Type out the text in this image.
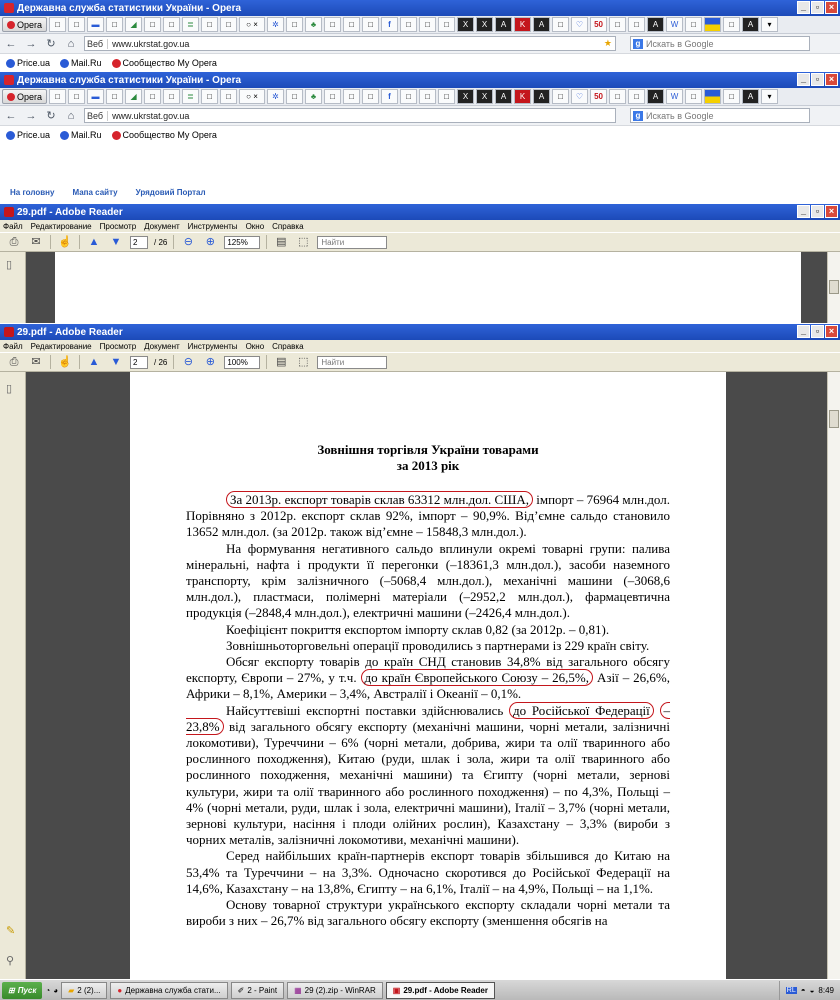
Державна служба статистики України - Opera	_	▫	×
Opera	□	□	▬	□	◢	□	□	≣	□	□	○ ×	✲	□	♣	□	□	□	f	□	□	□	X	X	A	K	A	□	♡	50	□	□	A	W	□	□	A	▾
← → ↻	⌂	Веб	www.ukrstat.gov.ua	★	g Искать в Google
Price.ua Mail.Ru Сообщество My Opera
Державна служба статистики України - Opera	_	▫	×
Opera	□	□	▬	□	◢	□	□	≣	□	□	○ ×	✲	□	♣	□	□	□	f	□	□	□	X	X	A	K	A	□	♡	50	□	□	A	W	□	□	A	▾
← → ↻	⌂	Веб	www.ukrstat.gov.ua	g Искать в Google
Price.ua Mail.Ru Сообщество My Opera
На головну Мапа сайту Урядовий Портал
29.pdf - Adobe Reader	_	▫	×
Файл Редактирование Просмотр Документ Инструменты Окно Справка
⎙	✉	☝ ▲ ▼	2	/ 26	⊖	⊕	125%	▤ ⬚	Найти
▯
29.pdf - Adobe Reader	_	▫	×
Файл Редактирование Просмотр Документ Инструменты Окно Справка
⎙	✉	☝ ▲ ▼	2	/ 26	⊖	⊕	100%	▤ ⬚	Найти
▯
✎
⚲
Зовнішня торгівля України товарами
за 2013 рік

За 2013р. експорт товарів склав 63312 млн.дол. США, імпорт – 76964 млн.дол. Порівняно з 2012р. експорт склав 92%, імпорт – 90,9%. Від’ємне сальдо становило 13652 млн.дол. (за 2012р. також від’ємне – 15848,3 млн.дол.).

На формування негативного сальдо вплинули окремі товарні групи: палива мінеральні, нафта і продукти її перегонки (–18361,3 млн.дол.), засоби наземного транспорту, крім залізничного (–5068,4 млн.дол.), механічні машини (–3068,6 млн.дол.), пластмаси, полімерні матеріали (–2952,2 млн.дол.), фармацевтична продукція (–2848,4 млн.дол.), електричні машини (–2426,4 млн.дол.).

Коефіцієнт покриття експортом імпорту склав 0,82 (за 2012р. – 0,81).

Зовнішньоторговельні операції проводились з партнерами із 229 країн світу.

Обсяг експорту товарів до країн СНД становив 34,8% від загального обсягу експорту, Європи – 27%, у т.ч. до країн Європейського Союзу – 26,5%, Азії – 26,6%, Африки – 8,1%, Америки – 3,4%, Австралії і Океанії – 0,1%.

Найсуттєвіші експортні поставки здійснювались до Російської Федерації – 23,8% від загального обсягу експорту (механічні машини, чорні метали, залізничні локомотиви), Туреччини – 6% (чорні метали, добрива, жири та олії тваринного або рослинного походження), Китаю (руди, шлак і зола, жири та олії тваринного або рослинного походження, механічні машини) та Єгипту (чорні метали, зернові культури, жири та олії тваринного або рослинного походження) – по 4,3%, Польщі – 4% (чорні метали, руди, шлак і зола, електричні машини), Італії – 3,7% (чорні метали, зернові культури, насіння і плоди олійних рослин), Казахстану – 3,3% (вироби з чорних металів, залізничні локомотиви, механічні машини).

Серед найбільших країн-партнерів експорт товарів збільшився до Китаю на 53,4% та Туреччини – на 3,3%. Одночасно скоротився до Російської Федерації на 14,6%, Казахстану – на 13,8%, Єгипту – на 6,1%, Італії – на 4,9%, Польщі – на 1,1%.

Основу товарної структури українського експорту складали чорні метали та вироби з них – 26,7% від загального обсягу експорту (зменшення обсягів на

⊞ Пуск ◔ ◕ ▰ 2 (2)... ● Державна служба стати... ✐ 2 - Paint ▦ 29 (2).zip - WinRAR ▣ 29.pdf - Adobe Reader	RL ◓ ◒ 8:49
